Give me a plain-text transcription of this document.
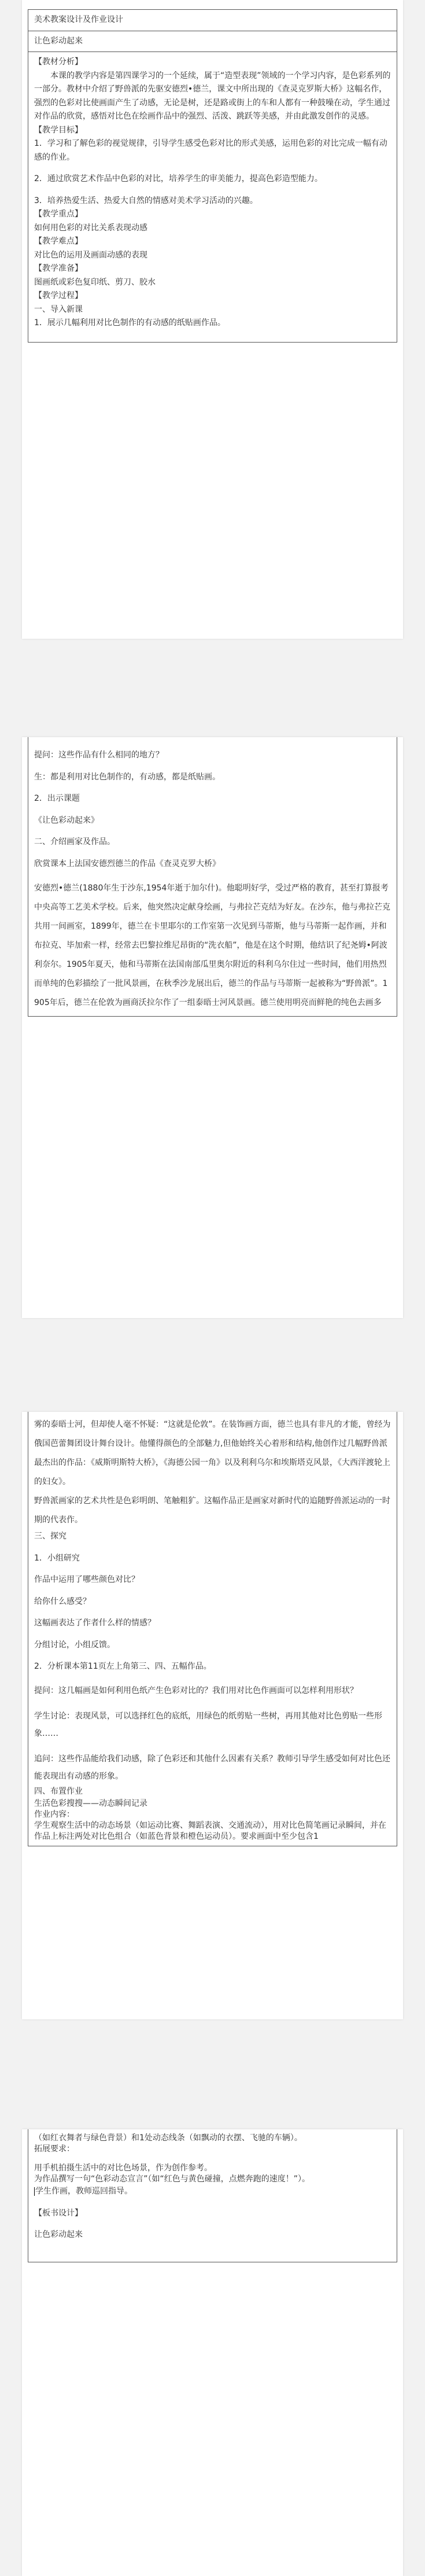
美术教案设计及作业设计
让色彩动起来

【教材分析】
本课的教学内容是第四课学习的一个延续，属于“造型表现”领域的一个学习内容，是色彩系列的一部分。教材中介绍了野兽派的先驱安德烈•德兰，课文中所出现的《查灵克罗斯大桥》这幅名作，强烈的色彩对比使画面产生了动感，无论是树，还是路或街上的车和人都有一种鼓噪在动，学生通过对作品的欣赏，感悟对比色在绘画作品中的强烈、活泼、跳跃等美感，并由此激发创作的灵感。
【教学目标】
1．学习和了解色彩的视觉规律，引导学生感受色彩对比的形式美感，运用色彩的对比完成一幅有动感的作业。
2．通过欣赏艺术作品中色彩的对比，培养学生的审美能力，提高色彩造型能力。
3．培养热爱生活、热爱大自然的情感对美术学习活动的兴趣。
【教学重点】
如何用色彩的对比关系表现动感
【教学难点】
对比色的运用及画面动感的表现
【教学准备】
图画纸或彩色复印纸、剪刀、胶水
【教学过程】
一、导入新课
1．展示几幅利用对比色制作的有动感的纸贴画作品。
提问：这些作品有什么相同的地方？
生：都是利用对比色制作的，有动感，都是纸贴画。
2．出示课题
《让色彩动起来》
二、介绍画家及作品。
欣赏课本上法国安德烈德兰的作品《查灵克罗大桥》
安德烈•德兰(1880年生于沙东,1954年逝于加尔什)。他聪明好学，受过严格的教育，甚至打算报考中央高等工艺美术学校。后来，他突然决定献身绘画，与弗拉芒克结为好友。在沙东，他与弗拉芒克共用一间画室，1899年，德兰在卡里耶尔的工作室第一次见到马蒂斯，他与马蒂斯一起作画，并和布拉克、毕加索一样，经常去巴黎拉维尼昂街的“洗衣船”，他是在这个时期，他结识了纪尧姆•阿波利奈尔。1905年夏天，他和马蒂斯在法国南部瓜里奥尔附近的科利乌尔住过一些时间，他们用热烈而单纯的色彩描绘了一批风景画，在秋季沙龙展出后，德兰的作品与马蒂斯一起被称为“野兽派”。1905年后，德兰在伦敦为画商沃拉尔作了一组泰晤士河风景画。德兰使用明亮而鲜艳的纯色去画多
雾的泰晤士河，但却使人毫不怀疑：“这就是伦敦”。在装饰画方面，德兰也具有非凡的才能，曾经为俄国芭蕾舞团设计舞台设计。他懂得颜色的全部魅力,但他始终关心着形和结构,他创作过几幅野兽派最杰出的作品：《威斯明斯特大桥》，《海德公园一角》以及利利乌尔和埃斯塔克风景，《大西洋渡轮上的妇女》。
野兽派画家的艺术共性是色彩明朗、笔触粗犷。这幅作品正是画家对新时代的追随野兽派运动的一时期的代表作。
三、探究
1．小组研究
作品中运用了哪些颜色对比？
给你什么感受？
这幅画表达了作者什么样的情感？
分组讨论，小组反馈。
2．分析课本第11页左上角第三、四、五幅作品。
提问：这几幅画是如何利用色纸产生色彩对比的？我们用对比色作画面可以怎样利用形状？
学生讨论：表现风景，可以选择红色的底纸，用绿色的纸剪贴一些树，再用其他对比色剪贴一些形象……
追问：这些作品能给我们动感，除了色彩还和其他什么因素有关系？教师引导学生感受如何对比色还能表现出有动感的形象。
四、布置作业
生活色彩搜搜——动态瞬间记录
作业内容：
学生观察生活中的动态场景（如运动比赛、舞蹈表演、交通流动），用对比色简笔画记录瞬间，并在作品上标注两处对比色组合（如蓝色背景和橙色运动员）。要求画面中至少包含1
（如红衣舞者与绿色背景）和1处动态线条（如飘动的衣摆、飞驰的车辆）。
拓展要求：
用手机拍摄生活中的对比色场景，作为创作参考。
为作品撰写一句“色彩动态宣言”（如“红色与黄色碰撞，点燃奔跑的速度！”）。
学生作画，教师巡回指导。
【板书设计】
让色彩动起来
